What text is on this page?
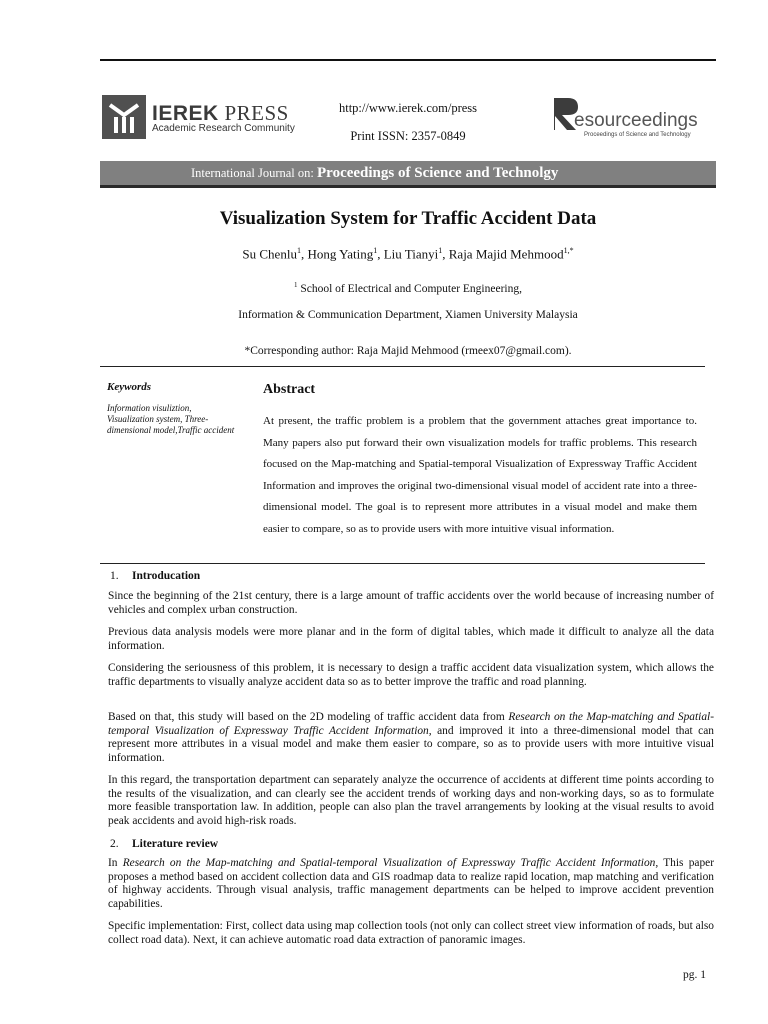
IEREK PRESS
Academic Research Community
http://www.ierek.com/press
Print ISSN: 2357-0849
esourceedings
Proceedings of Science and Technology
International Journal on: Proceedings of Science and Technolgy
Visualization System for Traffic Accident Data
Su Chenlu$^1$, Hong Yating$^1$, Liu Tianyi$^1$, Raja Majid Mehmood$^{1,*}$
$^1$ School of Electrical and Computer Engineering,
Information & Communication Department, Xiamen University Malaysia
*Corresponding author: Raja Majid Mehmood (rmeex07@gmail.com).
Keywords
Information visuliztion, Visualization system, Three-dimensional model,Traffic accident
Abstract
At present, the traffic problem is a problem that the government attaches great importance to. Many papers also put forward their own visualization models for traffic problems. This research focused on the Map-matching and Spatial-temporal Visualization of Expressway Traffic Accident Information and improves the original two-dimensional visual model of accident rate into a three-dimensional model. The goal is to represent more attributes in a visual model and make them easier to compare, so as to provide users with more intuitive visual information.
1. Introducation
Since the beginning of the 21st century, there is a large amount of traffic accidents over the world because of increasing number of vehicles and complex urban construction.
Previous data analysis models were more planar and in the form of digital tables, which made it difficult to analyze all the data information.
Considering the seriousness of this problem, it is necessary to design a traffic accident data visualization system, which allows the traffic departments to visually analyze accident data so as to better improve the traffic and road planning.
Based on that, this study will based on the 2D modeling of traffic accident data from Research on the Map-matching and Spatial-temporal Visualization of Expressway Traffic Accident Information, and improved it into a three-dimensional model that can represent more attributes in a visual model and make them easier to compare, so as to provide users with more intuitive visual information.
In this regard, the transportation department can separately analyze the occurrence of accidents at different time points according to the results of the visualization, and can clearly see the accident trends of working days and non-working days, so as to formulate more feasible transportation law. In addition, people can also plan the travel arrangements by looking at the visual results to avoid peak accidents and avoid high-risk roads.
2. Literature review
In Research on the Map-matching and Spatial-temporal Visualization of Expressway Traffic Accident Information, This paper proposes a method based on accident collection data and GIS roadmap data to realize rapid location, map matching and verification of highway accidents. Through visual analysis, traffic management departments can be helped to improve accident prevention capabilities.
Specific implementation: First, collect data using map collection tools (not only can collect street view information of roads, but also collect road data). Next, it can achieve automatic road data extraction of panoramic images.
pg. 1
